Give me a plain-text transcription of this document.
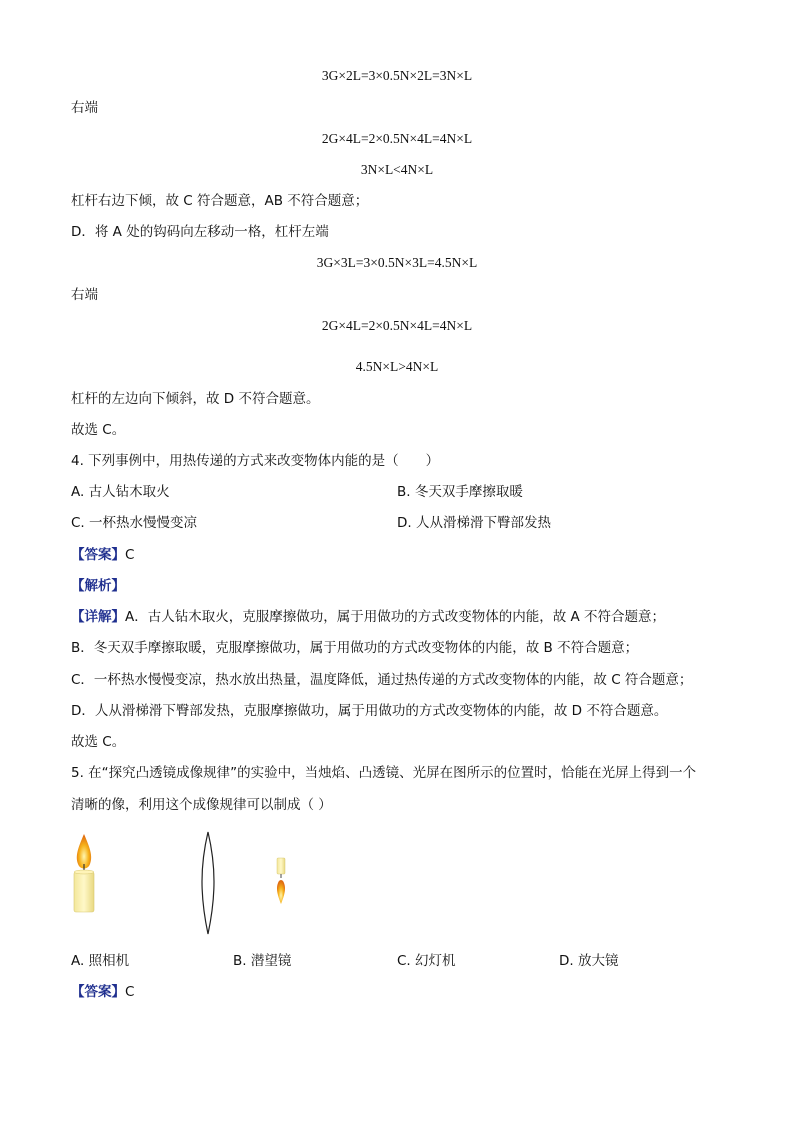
3G×2L=3×0.5N×2L=3N×L
右端
2G×4L=2×0.5N×4L=4N×L
3N×L<4N×L
杠杆右边下倾，故 C 符合题意，AB 不符合题意；
D．将 A 处的钩码向左移动一格，杠杆左端
3G×3L=3×0.5N×3L=4.5N×L
右端
2G×4L=2×0.5N×4L=4N×L
4.5N×L>4N×L
杠杆的左边向下倾斜，故 D 不符合题意。
故选 C。
4. 下列事例中，用热传递的方式来改变物体内能的是（　　）
A. 古人钻木取火	B. 冬天双手摩擦取暖
C. 一杯热水慢慢变凉	D. 人从滑梯滑下臀部发热
【答案】C
【解析】
【详解】A．古人钻木取火，克服摩擦做功，属于用做功的方式改变物体的内能，故 A 不符合题意；
B．冬天双手摩擦取暖，克服摩擦做功，属于用做功的方式改变物体的内能，故 B 不符合题意；
C．一杯热水慢慢变凉，热水放出热量，温度降低，通过热传递的方式改变物体的内能，故 C 符合题意；
D．人从滑梯滑下臀部发热，克服摩擦做功，属于用做功的方式改变物体的内能，故 D 不符合题意。
故选 C。
5. 在“探究凸透镜成像规律”的实验中，当烛焰、凸透镜、光屏在图所示的位置时，恰能在光屏上得到一个
清晰的像，利用这个成像规律可以制成（ ）
A. 照相机	B. 潜望镜	C. 幻灯机	D. 放大镜
【答案】C
